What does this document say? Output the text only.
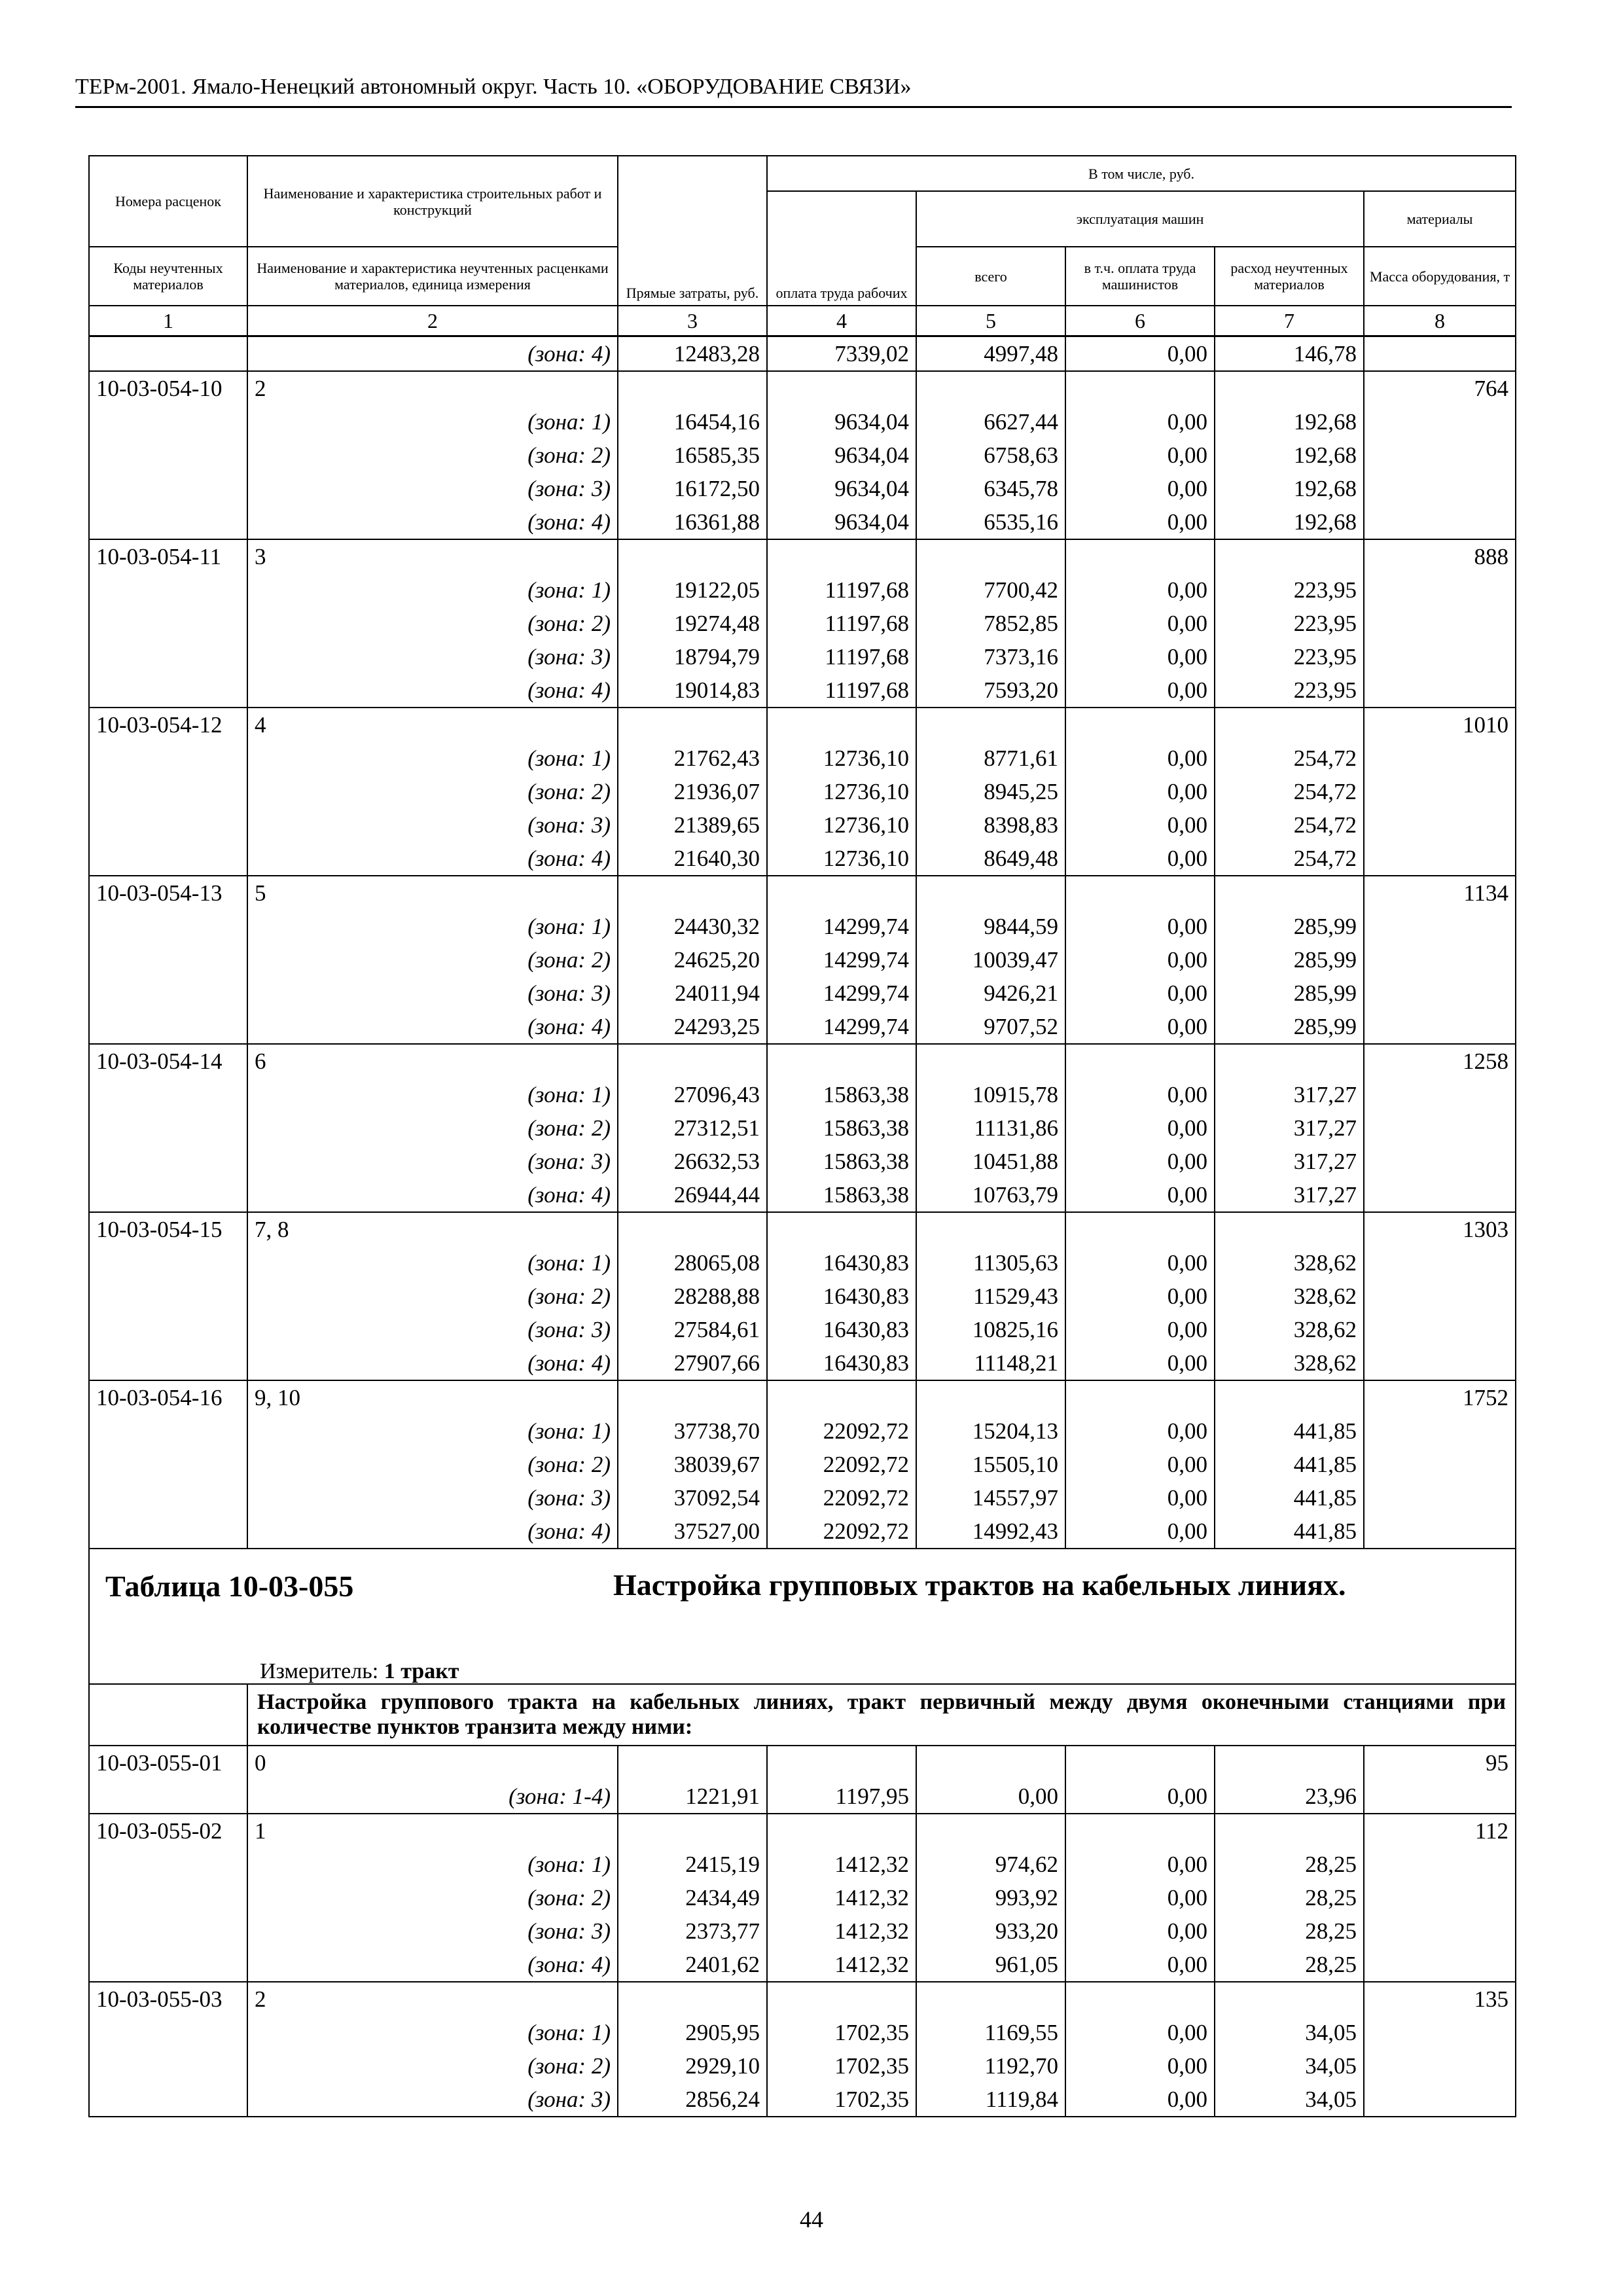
ТЕРм-2001. Ямало-Ненецкий автономный округ. Часть 10. «ОБОРУДОВАНИЕ СВЯЗИ»
Номера расценок	Наименование и характеристика строительных работ и конструкций	Прямые затраты, руб.	В том числе, руб.	
			оплата труда рабочих	эксплуатация машин			материалы	
Коды неучтенных материалов	Наименование и характеристика неучтенных расценками материалов, единица измерения			всего	в т.ч. оплата труда машинистов	расход неучтенных материалов	Масса оборудования, т	
1	2	3	4	5	6	7	8	
	(зона: 4)	12483,28	7339,02	4997,48	0,00	146,78		
10-03-054-10	2						764	
	(зона: 1)	16454,16	9634,04	6627,44	0,00	192,68		
	(зона: 2)	16585,35	9634,04	6758,63	0,00	192,68		
	(зона: 3)	16172,50	9634,04	6345,78	0,00	192,68		
	(зона: 4)	16361,88	9634,04	6535,16	0,00	192,68		
10-03-054-11	3						888	
	(зона: 1)	19122,05	11197,68	7700,42	0,00	223,95		
	(зона: 2)	19274,48	11197,68	7852,85	0,00	223,95		
	(зона: 3)	18794,79	11197,68	7373,16	0,00	223,95		
	(зона: 4)	19014,83	11197,68	7593,20	0,00	223,95		
10-03-054-12	4						1010	
	(зона: 1)	21762,43	12736,10	8771,61	0,00	254,72		
	(зона: 2)	21936,07	12736,10	8945,25	0,00	254,72		
	(зона: 3)	21389,65	12736,10	8398,83	0,00	254,72		
	(зона: 4)	21640,30	12736,10	8649,48	0,00	254,72		
10-03-054-13	5						1134	
	(зона: 1)	24430,32	14299,74	9844,59	0,00	285,99		
	(зона: 2)	24625,20	14299,74	10039,47	0,00	285,99		
	(зона: 3)	24011,94	14299,74	9426,21	0,00	285,99		
	(зона: 4)	24293,25	14299,74	9707,52	0,00	285,99		
10-03-054-14	6						1258	
	(зона: 1)	27096,43	15863,38	10915,78	0,00	317,27		
	(зона: 2)	27312,51	15863,38	11131,86	0,00	317,27		
	(зона: 3)	26632,53	15863,38	10451,88	0,00	317,27		
	(зона: 4)	26944,44	15863,38	10763,79	0,00	317,27		
10-03-054-15	7, 8						1303	
	(зона: 1)	28065,08	16430,83	11305,63	0,00	328,62		
	(зона: 2)	28288,88	16430,83	11529,43	0,00	328,62		
	(зона: 3)	27584,61	16430,83	10825,16	0,00	328,62		
	(зона: 4)	27907,66	16430,83	11148,21	0,00	328,62		
10-03-054-16	9, 10						1752	
	(зона: 1)	37738,70	22092,72	15204,13	0,00	441,85		
	(зона: 2)	38039,67	22092,72	15505,10	0,00	441,85		
	(зона: 3)	37092,54	22092,72	14557,97	0,00	441,85		
	(зона: 4)	37527,00	22092,72	14992,43	0,00	441,85		

Таблица 10-03-055 Настройка групповых трактов на кабельных линиях.
Измеритель: 1 тракт								

	Настройка группового тракта на кабельных линиях, тракт первичный между двумя оконечными станциями при количестве пунктов транзита между ними:							
10-03-055-01	0						95	
	(зона: 1-4)	1221,91	1197,95	0,00	0,00	23,96		
10-03-055-02	1						112	
	(зона: 1)	2415,19	1412,32	974,62	0,00	28,25		
	(зона: 2)	2434,49	1412,32	993,92	0,00	28,25		
	(зона: 3)	2373,77	1412,32	933,20	0,00	28,25		
	(зона: 4)	2401,62	1412,32	961,05	0,00	28,25		
10-03-055-03	2						135	
	(зона: 1)	2905,95	1702,35	1169,55	0,00	34,05		
	(зона: 2)	2929,10	1702,35	1192,70	0,00	34,05		
	(зона: 3)	2856,24	1702,35	1119,84	0,00	34,05		
44
